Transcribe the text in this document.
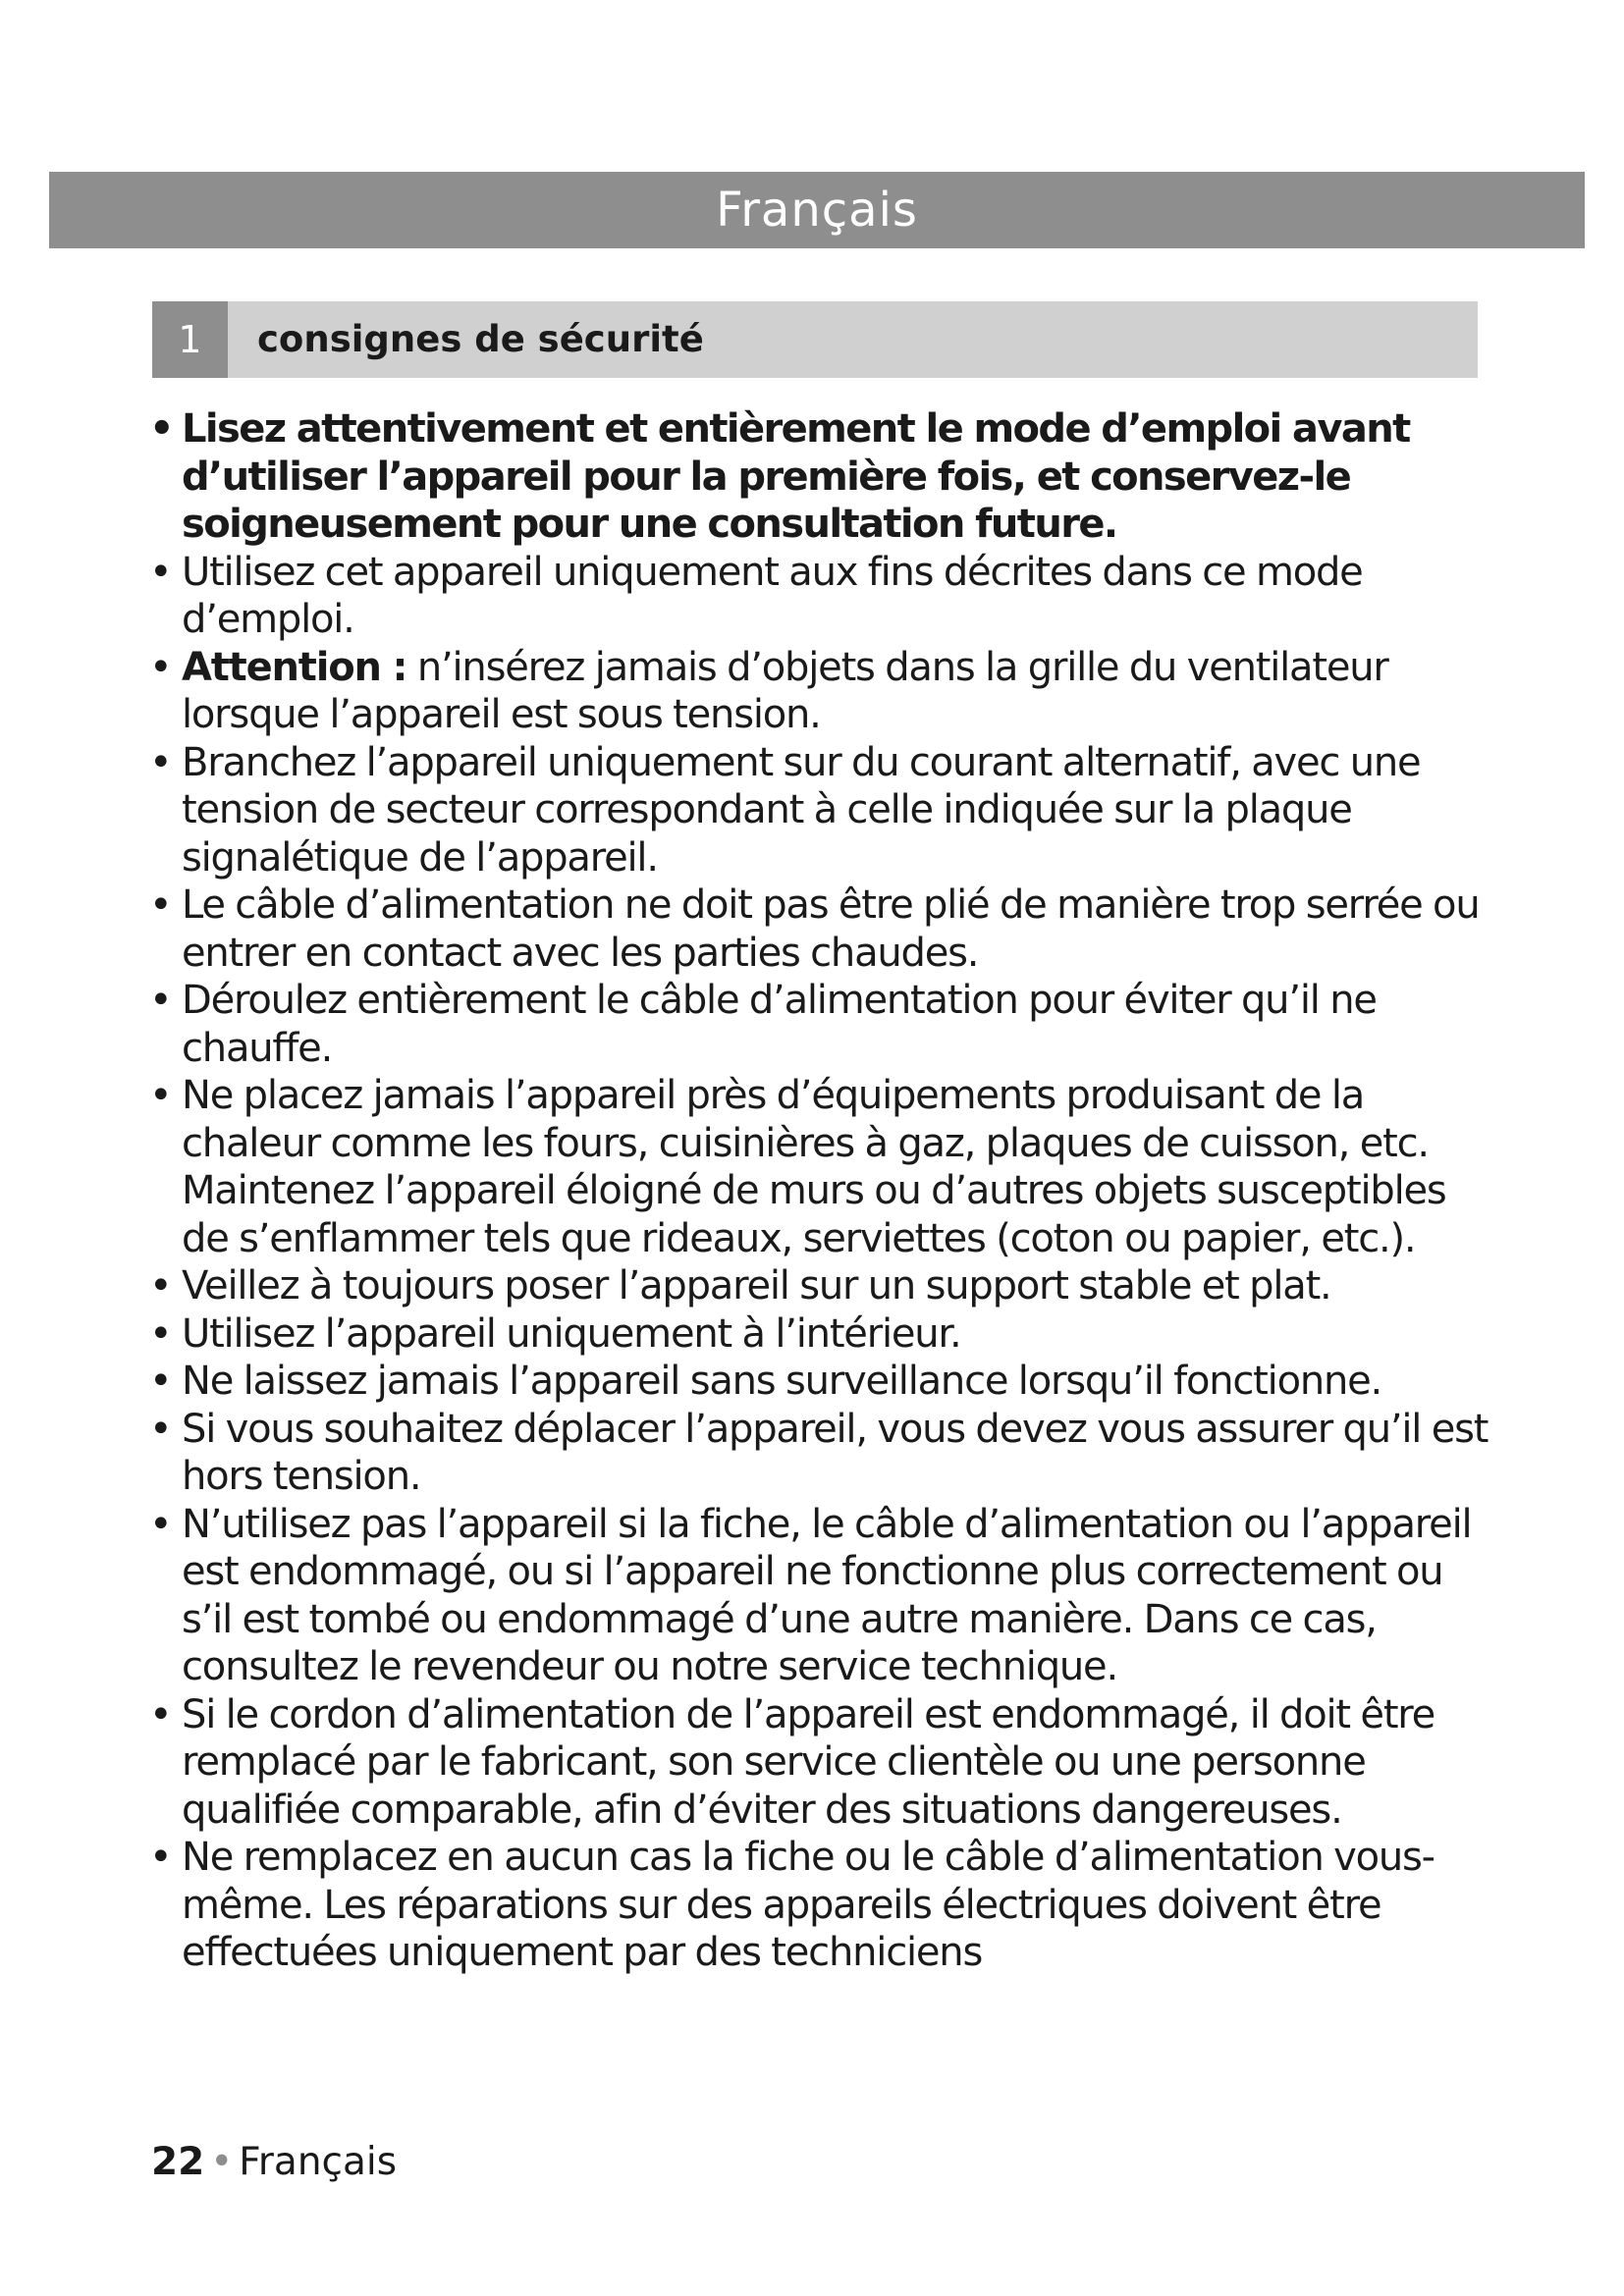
Français
1	consignes de sécurité
• Lisez attentivement et entièrement le mode d’emploi avant d’utiliser l’appareil pour la première fois, et conservez-le soigneusement pour une consultation future.
• Utilisez cet appareil uniquement aux fins décrites dans ce mode d’emploi.
• Attention : n’insérez jamais d’objets dans la grille du ventilateur lorsque l’appareil est sous tension.
• Branchez l’appareil uniquement sur du courant alternatif, avec une tension de secteur correspondant à celle indiquée sur la plaque signalétique de l’appareil.
• Le câble d’alimentation ne doit pas être plié de manière trop serrée ou entrer en contact avec les parties chaudes.
• Déroulez entièrement le câble d’alimentation pour éviter qu’il ne chauffe.
• Ne placez jamais l’appareil près d’équipements produisant de la chaleur comme les fours, cuisinières à gaz, plaques de cuisson, etc. Maintenez l’appareil éloigné de murs ou d’autres objets susceptibles de s’enflammer tels que rideaux, serviettes (coton ou papier, etc.).
• Veillez à toujours poser l’appareil sur un support stable et plat.
• Utilisez l’appareil uniquement à l’intérieur.
• Ne laissez jamais l’appareil sans surveillance lorsqu’il fonctionne.
• Si vous souhaitez déplacer l’appareil, vous devez vous assurer qu’il est hors tension.
• N’utilisez pas l’appareil si la fiche, le câble d’alimentation ou l’appareil est endommagé, ou si l’appareil ne fonctionne plus correctement ou s’il est tombé ou endommagé d’une autre manière. Dans ce cas, consultez le revendeur ou notre service technique.
• Si le cordon d’alimentation de l’appareil est endommagé, il doit être remplacé par le fabricant, son service clientèle ou une personne qualifiée comparable, afin d’éviter des situations dangereuses.
• Ne remplacez en aucun cas la fiche ou le câble d’alimentation vous-même. Les réparations sur des appareils électriques doivent être effectuées uniquement par des techniciens
22 • Français
